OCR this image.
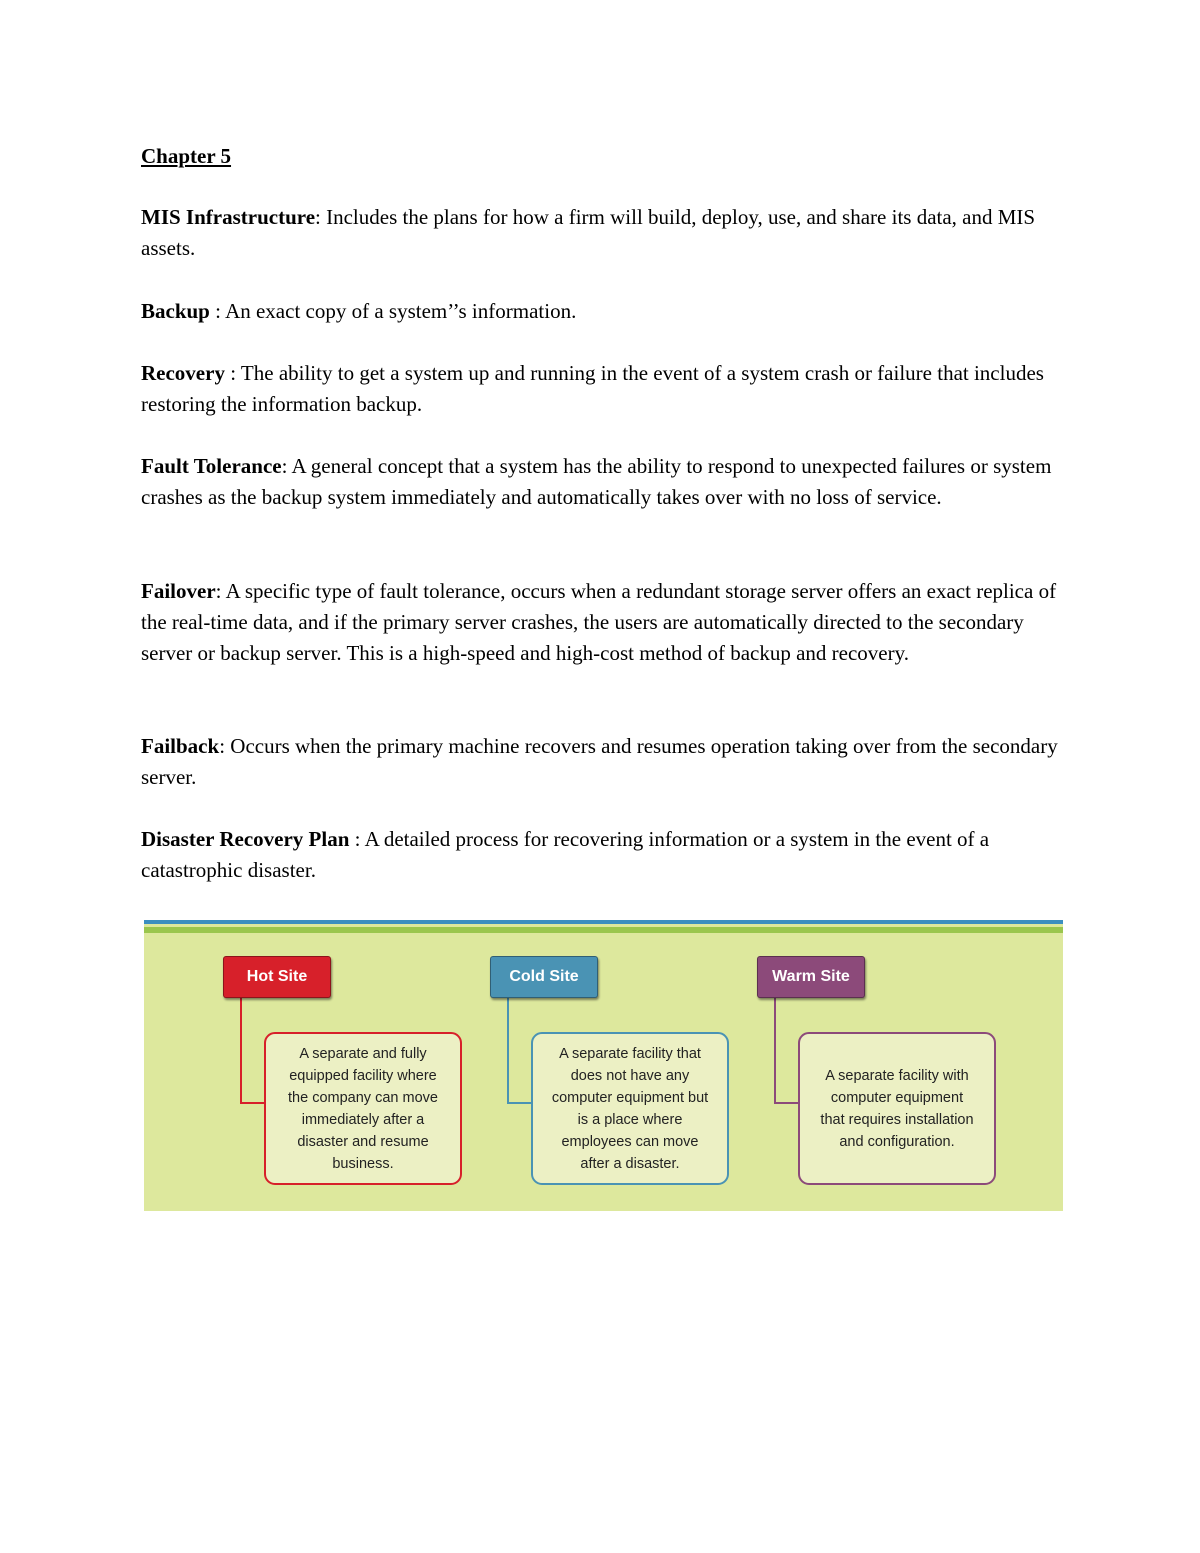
Chapter 5
MIS Infrastructure: Includes the plans for how a firm will build, deploy, use, and share its data, and MIS assets.
Backup : An exact copy of a system’’s information.
Recovery : The ability to get a system up and running in the event of a system crash or failure that includes restoring the information backup.
Fault Tolerance: A general concept that a system has the ability to respond to unexpected failures or system crashes as the backup system immediately and automatically takes over with no loss of service.
Failover: A specific type of fault tolerance, occurs when a redundant storage server offers an exact replica of the real-time data, and if the primary server crashes, the users are automatically directed to the secondary server or backup server. This is a high-speed and high-cost method of backup and recovery.
Failback: Occurs when the primary machine recovers and resumes operation taking over from the secondary server.
Disaster Recovery Plan : A detailed process for recovering information or a system in the event of a catastrophic disaster.
Hot Site
A separate and fully equipped facility where the company can move immediately after a disaster and resume business.
Cold Site
A separate facility that does not have any computer equipment but is a place where employees can move after a disaster.
Warm Site
A separate facility with computer equipment that requires installation and configuration.
